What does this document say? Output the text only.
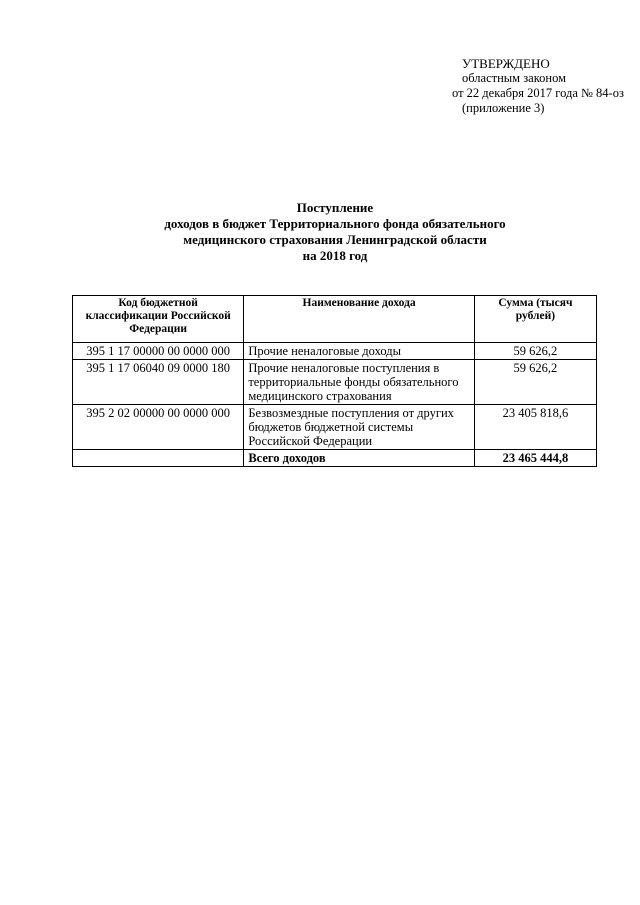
УТВЕРЖДЕНО
областным законом
от 22 декабря 2017 года № 84-оз
(приложение 3)
Поступление
доходов в бюджет Территориального фонда обязательного
медицинского страхования Ленинградской области
на 2018 год
Код бюджетной классификации Российской Федерации	Наименование дохода	Сумма (тысяч рублей)
395 1 17 00000 00 0000 000	Прочие неналоговые доходы	59 626,2
395 1 17 06040 09 0000 180	Прочие неналоговые поступления в территориальные фонды обязательного медицинского страхования	59 626,2
395 2 02 00000 00 0000 000	Безвозмездные поступления от других бюджетов бюджетной системы Российской Федерации	23 405 818,6
	Всего доходов	23 465 444,8
